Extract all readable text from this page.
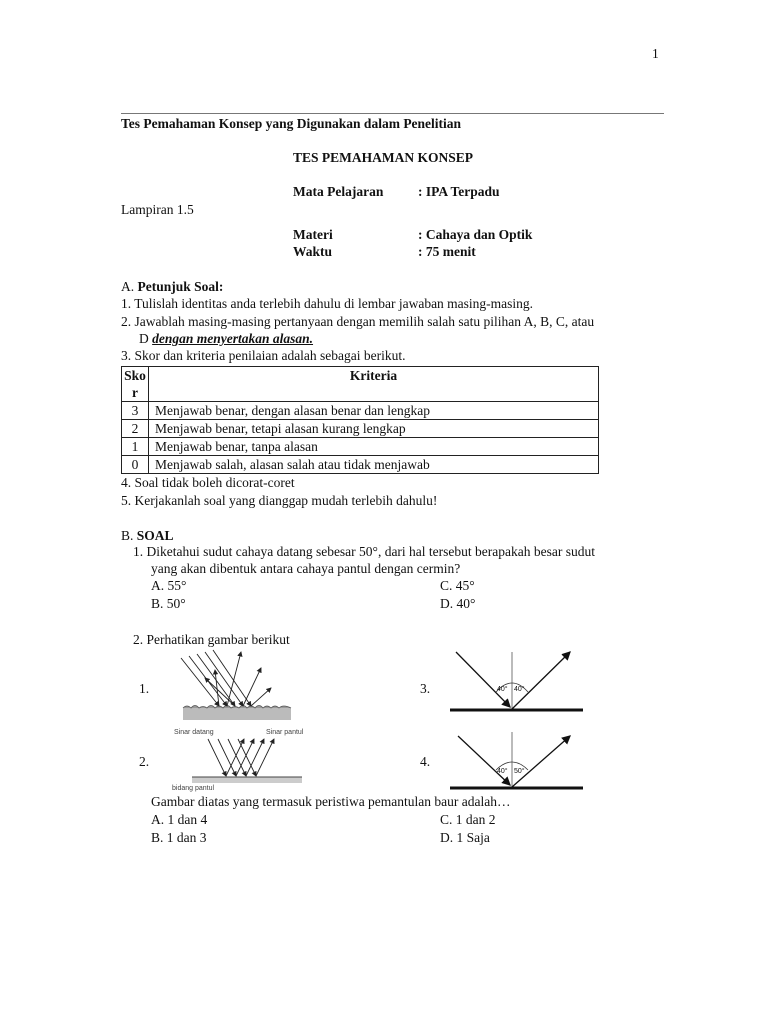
1
Tes Pemahaman Konsep yang Digunakan dalam Penelitian
TES PEMAHAMAN KONSEP
Mata Pelajaran	: IPA Terpadu
Lampiran 1.5
Materi	: Cahaya dan Optik
Waktu	: 75 menit
A. Petunjuk Soal:
1. Tulislah identitas anda terlebih dahulu di lembar jawaban masing-masing.
2. Jawablah masing-masing pertanyaan dengan memilih salah satu pilihan A, B, C, atau
D dengan menyertakan alasan.
3. Skor dan kriteria penilaian adalah sebagai berikut.
Sko r	Kriteria
3	Menjawab benar, dengan alasan benar dan lengkap
2	Menjawab benar, tetapi alasan kurang lengkap
1	Menjawab benar, tanpa alasan
0	Menjawab salah, alasan salah atau tidak menjawab
4. Soal tidak boleh dicorat-coret
5. Kerjakanlah soal yang dianggap mudah terlebih dahulu!
B. SOAL
1. Diketahui sudut cahaya datang sebesar 50°, dari hal tersebut berapakah besar sudut
yang akan dibentuk antara cahaya pantul dengan cermin?
A. 55°	C. 45°
B. 50°	D. 40°
2. Perhatikan gambar berikut
1.
2.
3.
4.
Sinar datang	Sinar pantul
bidang pantul
40° 40°
40° 50°
Gambar diatas yang termasuk peristiwa pemantulan baur adalah…
A. 1 dan 4	C. 1 dan 2
B. 1 dan 3	D. 1 Saja
